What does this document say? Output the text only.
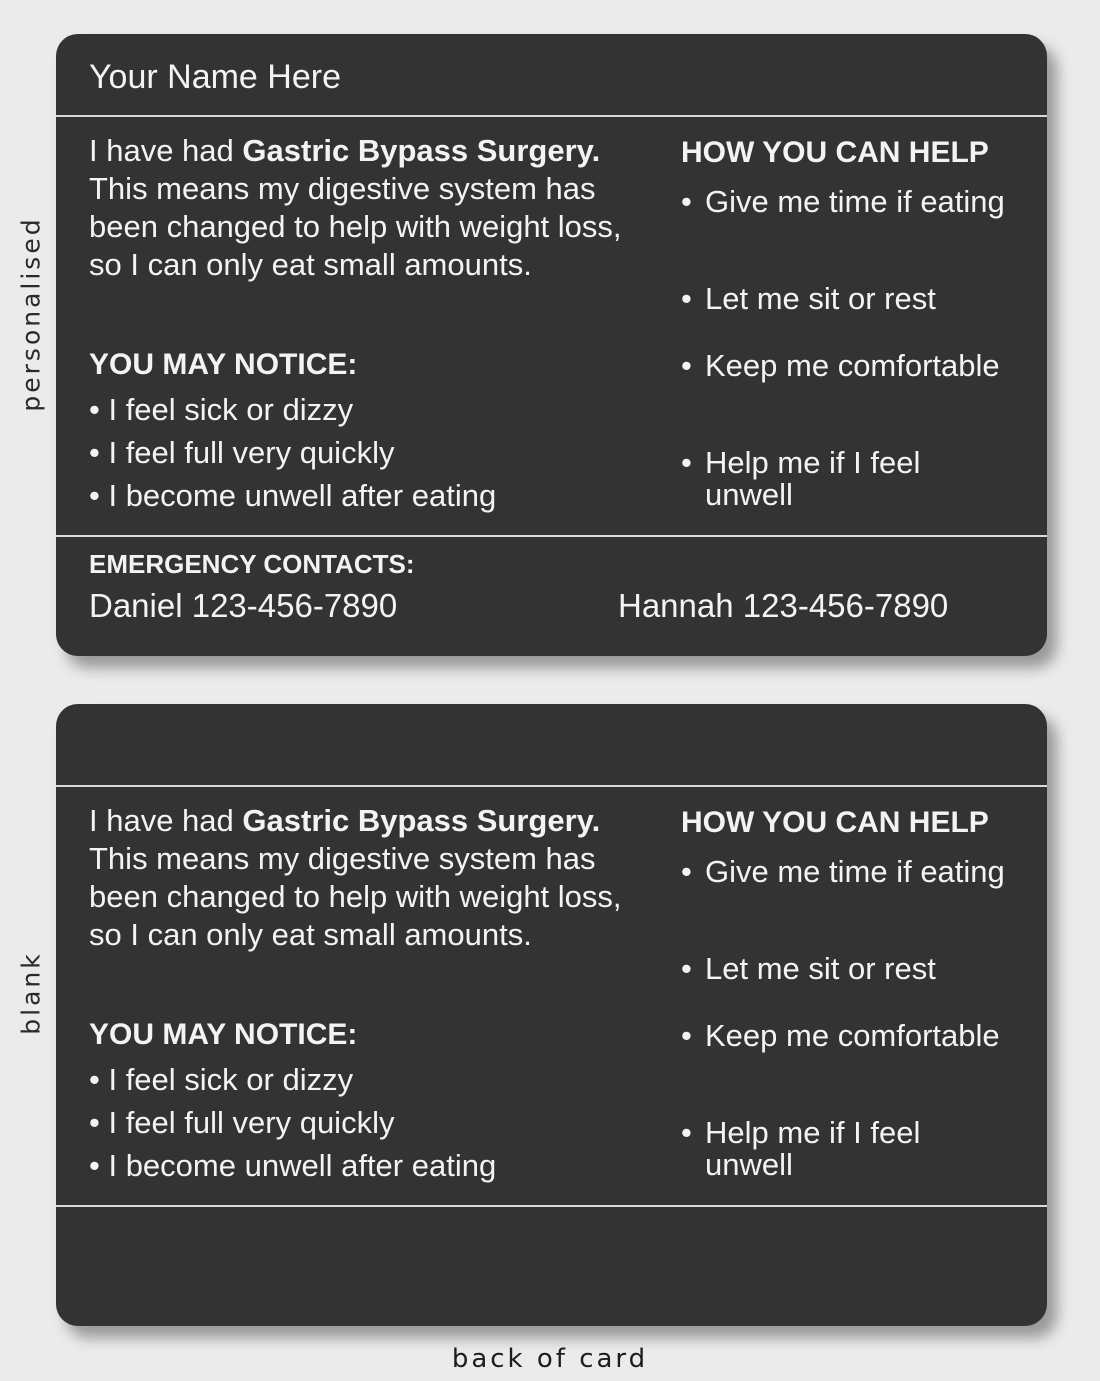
personalised
blank
Your Name Here
I have had Gastric Bypass Surgery. This means my digestive system has been changed to help with weight loss, so I can only eat small amounts.
YOU MAY NOTICE:
• I feel sick or dizzy
• I feel full very quickly
• I become unwell after eating
HOW YOU CAN HELP
• Give me time if eating
• Let me sit or rest
• Keep me comfortable
• Help me if I feel unwell
EMERGENCY CONTACTS:
Daniel 123-456-7890	Hannah 123-456-7890
I have had Gastric Bypass Surgery. This means my digestive system has been changed to help with weight loss, so I can only eat small amounts.
YOU MAY NOTICE:
• I feel sick or dizzy
• I feel full very quickly
• I become unwell after eating
HOW YOU CAN HELP
• Give me time if eating
• Let me sit or rest
• Keep me comfortable
• Help me if I feel unwell
back of card
